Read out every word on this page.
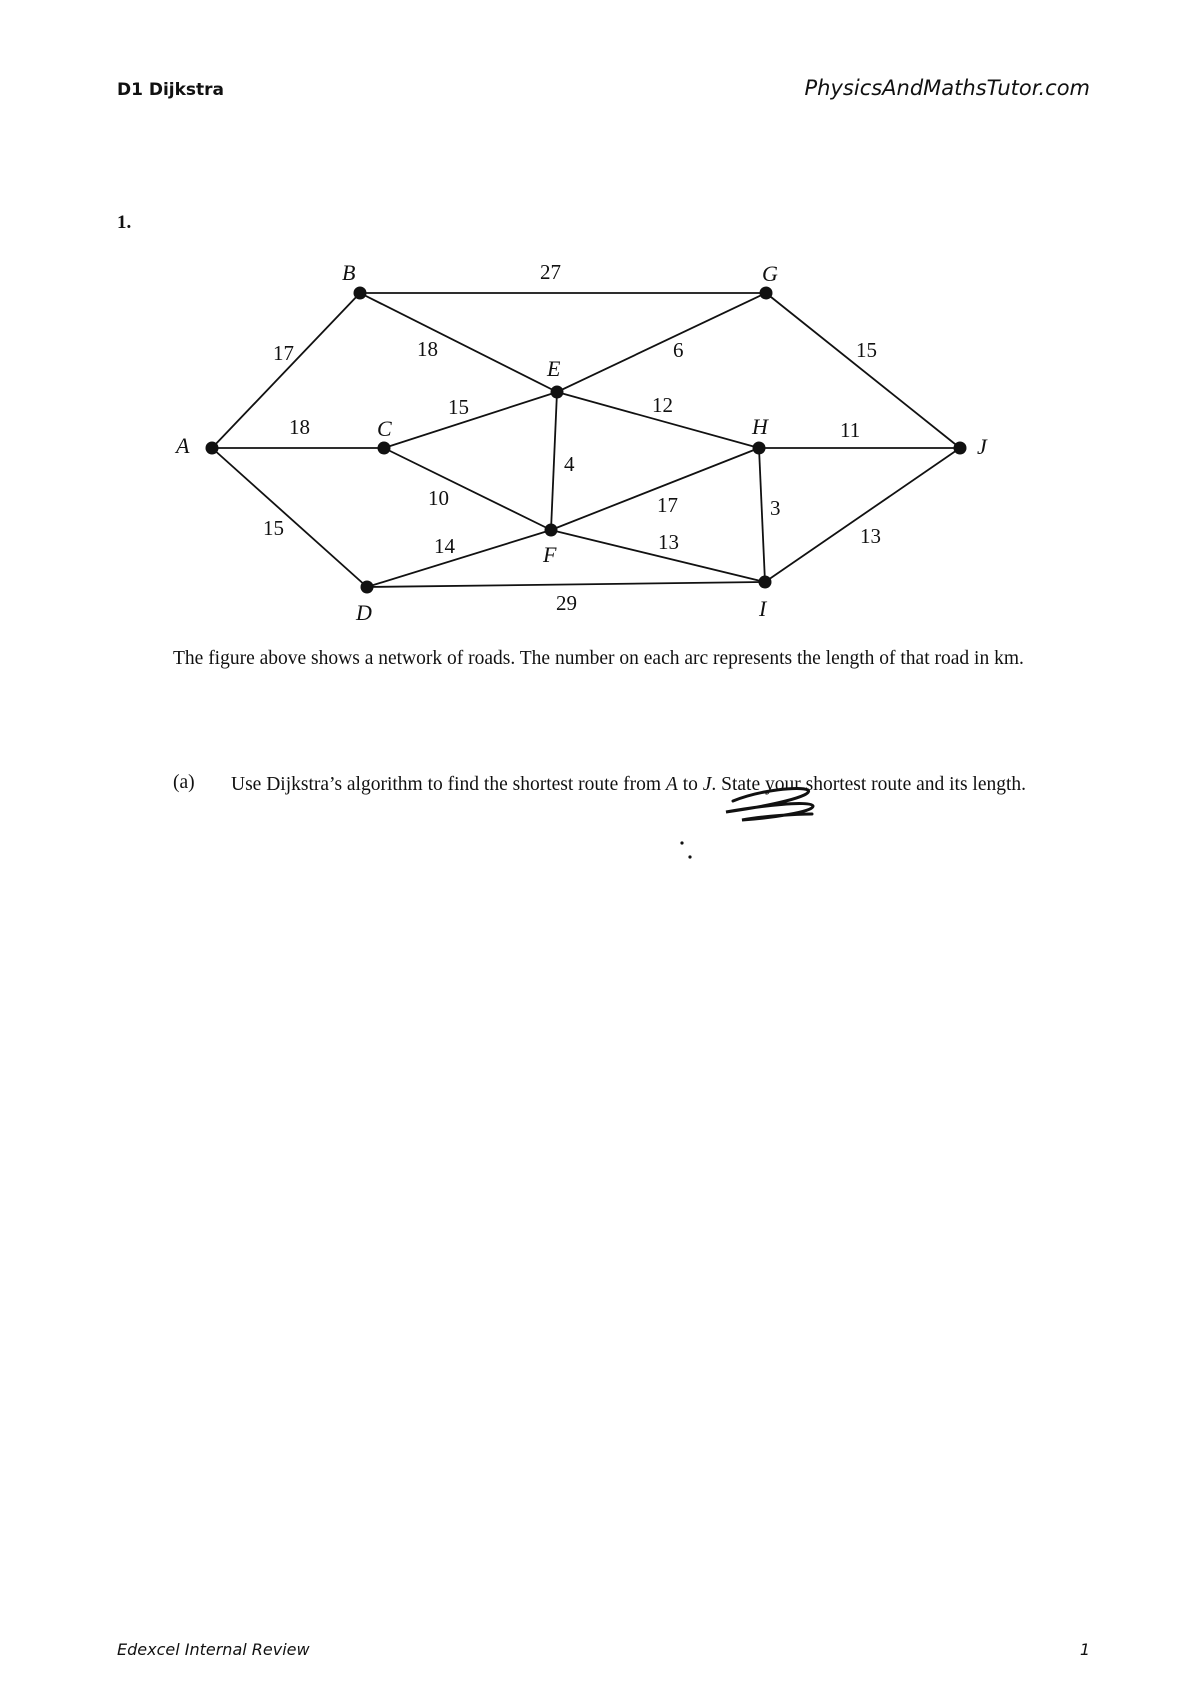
D1 Dijkstra	PhysicsAndMathsTutor.com
1.
17
18
15
27
18
15
10
14
29
6
12
4
17
13
15
11
3
13
A
B
C
D
E
F
G
H
I
J
The figure above shows a network of roads. The number on each arc represents the length of that road in km.
(a) Use Dijkstra’s algorithm to find the shortest route from A to J. State your shortest route and its length.
Edexcel Internal Review	1
